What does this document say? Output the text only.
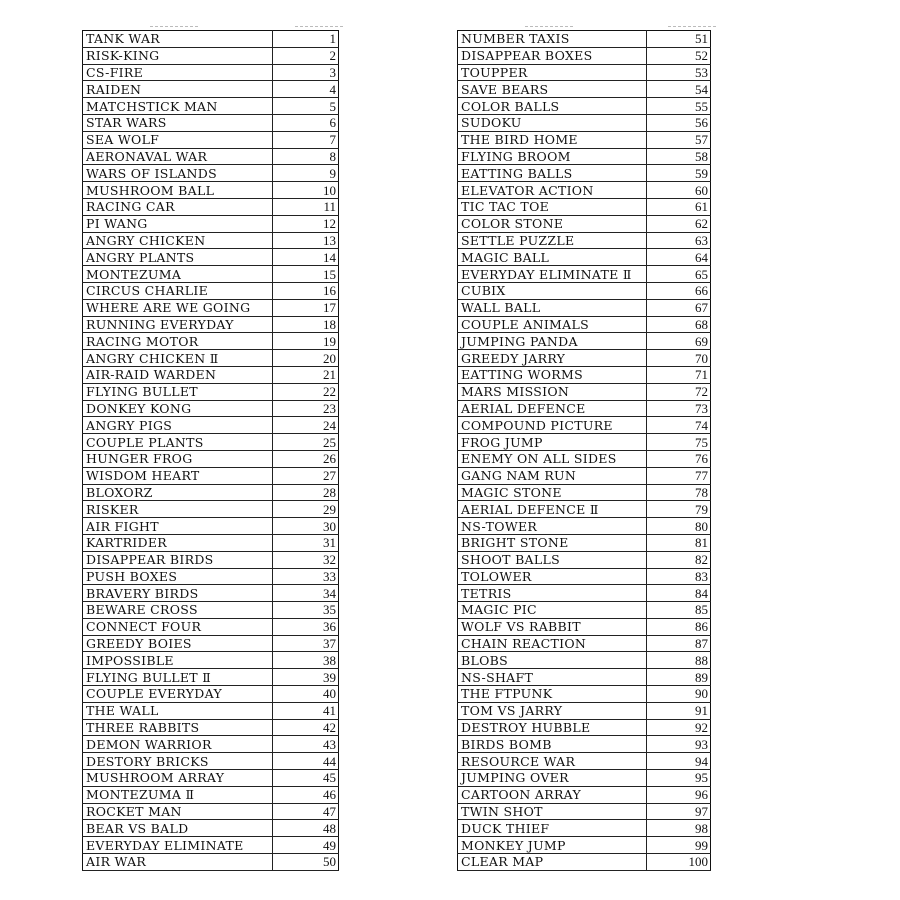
TANK WAR	1
RISK-KING	2
CS-FIRE	3
RAIDEN	4
MATCHSTICK MAN	5
STAR WARS	6
SEA WOLF	7
AERONAVAL WAR	8
WARS OF ISLANDS	9
MUSHROOM BALL	10
RACING CAR	11
PI WANG	12
ANGRY CHICKEN	13
ANGRY PLANTS	14
MONTEZUMA	15
CIRCUS CHARLIE	16
WHERE ARE WE GOING	17
RUNNING EVERYDAY	18
RACING MOTOR	19
ANGRY CHICKEN Ⅱ	20
AIR-RAID WARDEN	21
FLYING BULLET	22
DONKEY KONG	23
ANGRY PIGS	24
COUPLE PLANTS	25
HUNGER FROG	26
WISDOM HEART	27
BLOXORZ	28
RISKER	29
AIR FIGHT	30
KARTRIDER	31
DISAPPEAR BIRDS	32
PUSH BOXES	33
BRAVERY BIRDS	34
BEWARE CROSS	35
CONNECT FOUR	36
GREEDY BOIES	37
IMPOSSIBLE	38
FLYING BULLET Ⅱ	39
COUPLE EVERYDAY	40
THE WALL	41
THREE RABBITS	42
DEMON WARRIOR	43
DESTORY BRICKS	44
MUSHROOM ARRAY	45
MONTEZUMA Ⅱ	46
ROCKET MAN	47
BEAR VS BALD	48
EVERYDAY ELIMINATE	49
AIR WAR	50
NUMBER TAXIS	51
DISAPPEAR BOXES	52
TOUPPER	53
SAVE BEARS	54
COLOR BALLS	55
SUDOKU	56
THE BIRD HOME	57
FLYING BROOM	58
EATTING BALLS	59
ELEVATOR ACTION	60
TIC TAC TOE	61
COLOR STONE	62
SETTLE PUZZLE	63
MAGIC BALL	64
EVERYDAY ELIMINATE Ⅱ	65
CUBIX	66
WALL BALL	67
COUPLE ANIMALS	68
JUMPING PANDA	69
GREEDY JARRY	70
EATTING WORMS	71
MARS MISSION	72
AERIAL DEFENCE	73
COMPOUND PICTURE	74
FROG JUMP	75
ENEMY ON ALL SIDES	76
GANG NAM RUN	77
MAGIC STONE	78
AERIAL DEFENCE Ⅱ	79
NS-TOWER	80
BRIGHT STONE	81
SHOOT BALLS	82
TOLOWER	83
TETRIS	84
MAGIC PIC	85
WOLF VS RABBIT	86
CHAIN REACTION	87
BLOBS	88
NS-SHAFT	89
THE FTPUNK	90
TOM VS JARRY	91
DESTROY HUBBLE	92
BIRDS BOMB	93
RESOURCE WAR	94
JUMPING OVER	95
CARTOON ARRAY	96
TWIN SHOT	97
DUCK THIEF	98
MONKEY JUMP	99
CLEAR MAP	100
